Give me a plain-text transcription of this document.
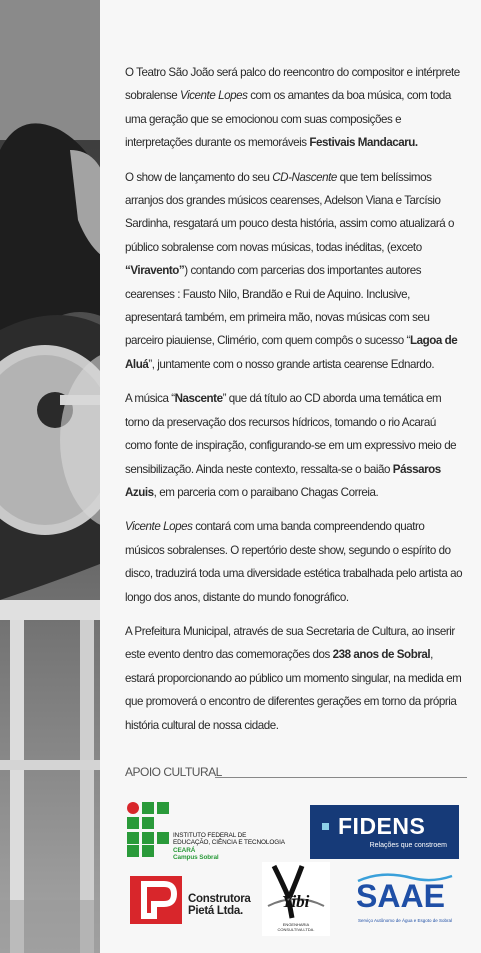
O Teatro São João será palco do reencontro do compositor e intérprete sobralense Vicente Lopes com os amantes da boa música, com toda uma geração que se emocionou com suas composições e interpretações durante os memoráveis Festivais Mandacaru.

O show de lançamento do seu CD-Nascente que tem belíssimos arranjos dos grandes músicos cearenses, Adelson Viana e Tarcísio Sardinha, resgatará um pouco desta história, assim como atualizará o público sobralense com novas músicas, todas inéditas, (exceto “Viravento”) contando com parcerias dos importantes autores cearenses : Fausto Nilo, Brandão e Rui de Aquino. Inclusive, apresentará também, em primeira mão, novas músicas com seu parceiro piauiense, Climério, com quem compôs o sucesso “Lagoa de Aluá”, juntamente com o nosso grande artista cearense Ednardo.

A música “Nascente” que dá título ao CD aborda uma temática em torno da preservação dos recursos hídricos, tomando o rio Acaraú como fonte de inspiração, configurando-se em um expressivo meio de sensibilização. Ainda neste contexto, ressalta-se o baião Pássaros Azuis, em parceria com o paraibano Chagas Correia.

Vicente Lopes contará com uma banda compreendendo quatro músicos sobralenses. O repertório deste show, segundo o espírito do disco, traduzirá toda uma diversidade estética trabalhada pelo artista ao longo dos anos, distante do mundo fonográfico.

A Prefeitura Municipal, através de sua Secretaria de Cultura, ao inserir este evento dentro das comemorações dos 238 anos de Sobral, estará proporcionando ao público um momento singular, na medida em que promoverá o encontro de diferentes gerações em torno da própria história cultural de nossa cidade.

APOIO CULTURAL
INSTITUTO FEDERAL DE
EDUCAÇÃO, CIÊNCIA E TECNOLOGIA
CEARÁ
Campus Sobral
FIDENS
Relações que constroem
Construtora
Pietá Ltda.	Yibi
ENGENHARIA
CONSULTIVA LTDA.
SAAE
Serviço Autônomo de Água e Esgoto de Sobral
